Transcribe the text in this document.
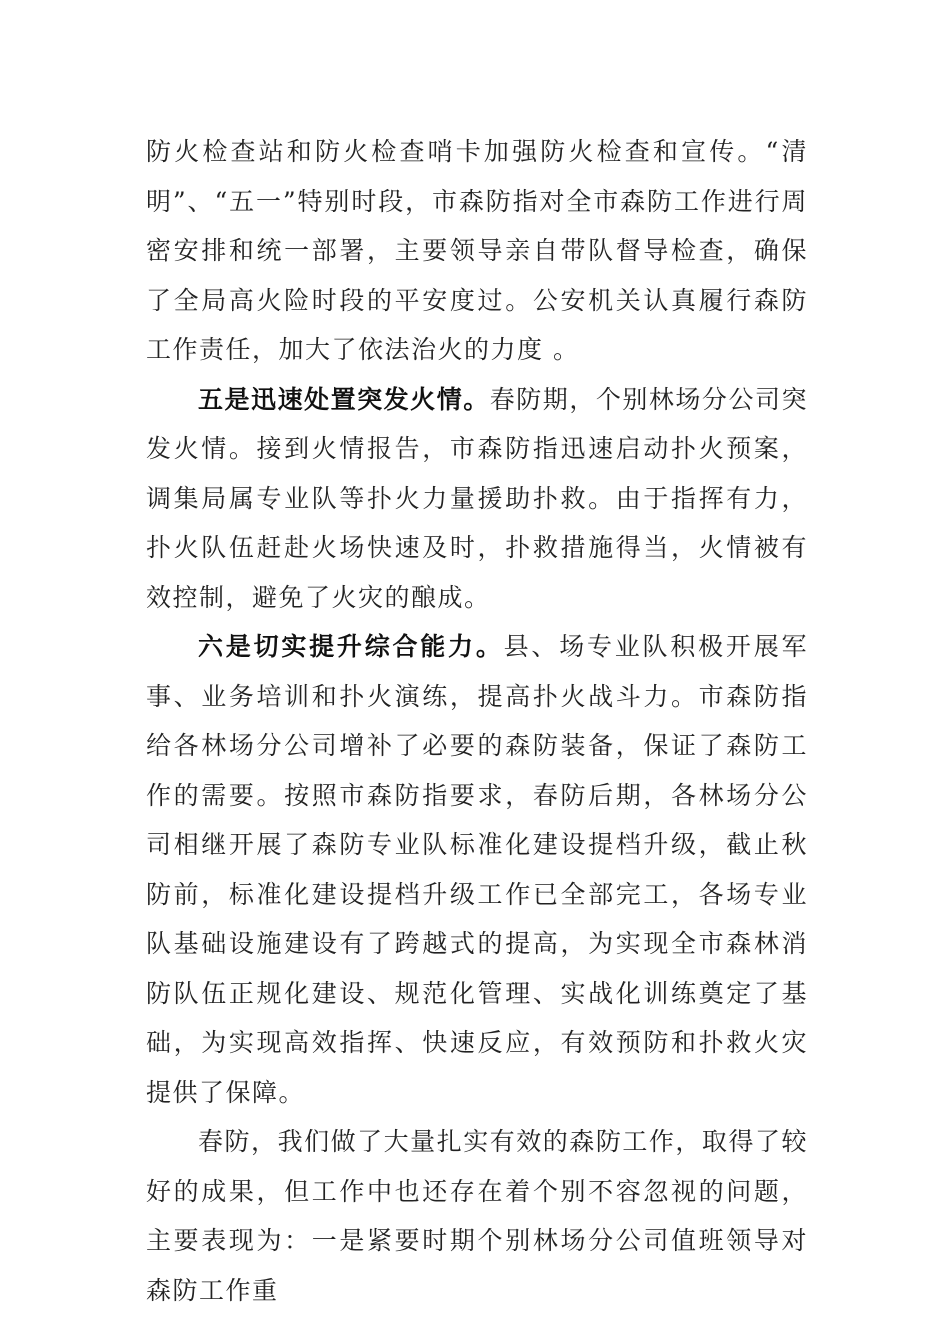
防火检查站和防火检查哨卡加强防火检查和宣传。“清明”、“五一”特别时段，市森防指对全市森防工作进行周密安排和统一部署，主要领导亲自带队督导检查，确保了全局高火险时段的平安度过。公安机关认真履行森防工作责任，加大了依法治火的力度 。

五是迅速处置突发火情。春防期，个别林场分公司突发火情。接到火情报告，市森防指迅速启动扑火预案，调集局属专业队等扑火力量援助扑救。由于指挥有力，扑火队伍赶赴火场快速及时，扑救措施得当，火情被有效控制，避免了火灾的酿成。

六是切实提升综合能力。县、场专业队积极开展军事、业务培训和扑火演练，提高扑火战斗力。市森防指给各林场分公司增补了必要的森防装备，保证了森防工作的需要。按照市森防指要求，春防后期，各林场分公司相继开展了森防专业队标准化建设提档升级，截止秋防前，标准化建设提档升级工作已全部完工，各场专业队基础设施建设有了跨越式的提高，为实现全市森林消防队伍正规化建设、规范化管理、实战化训练奠定了基础，为实现高效指挥、快速反应，有效预防和扑救火灾提供了保障。

春防，我们做了大量扎实有效的森防工作，取得了较好的成果，但工作中也还存在着个别不容忽视的问题，主要表现为：一是紧要时期个别林场分公司值班领导对森防工作重
